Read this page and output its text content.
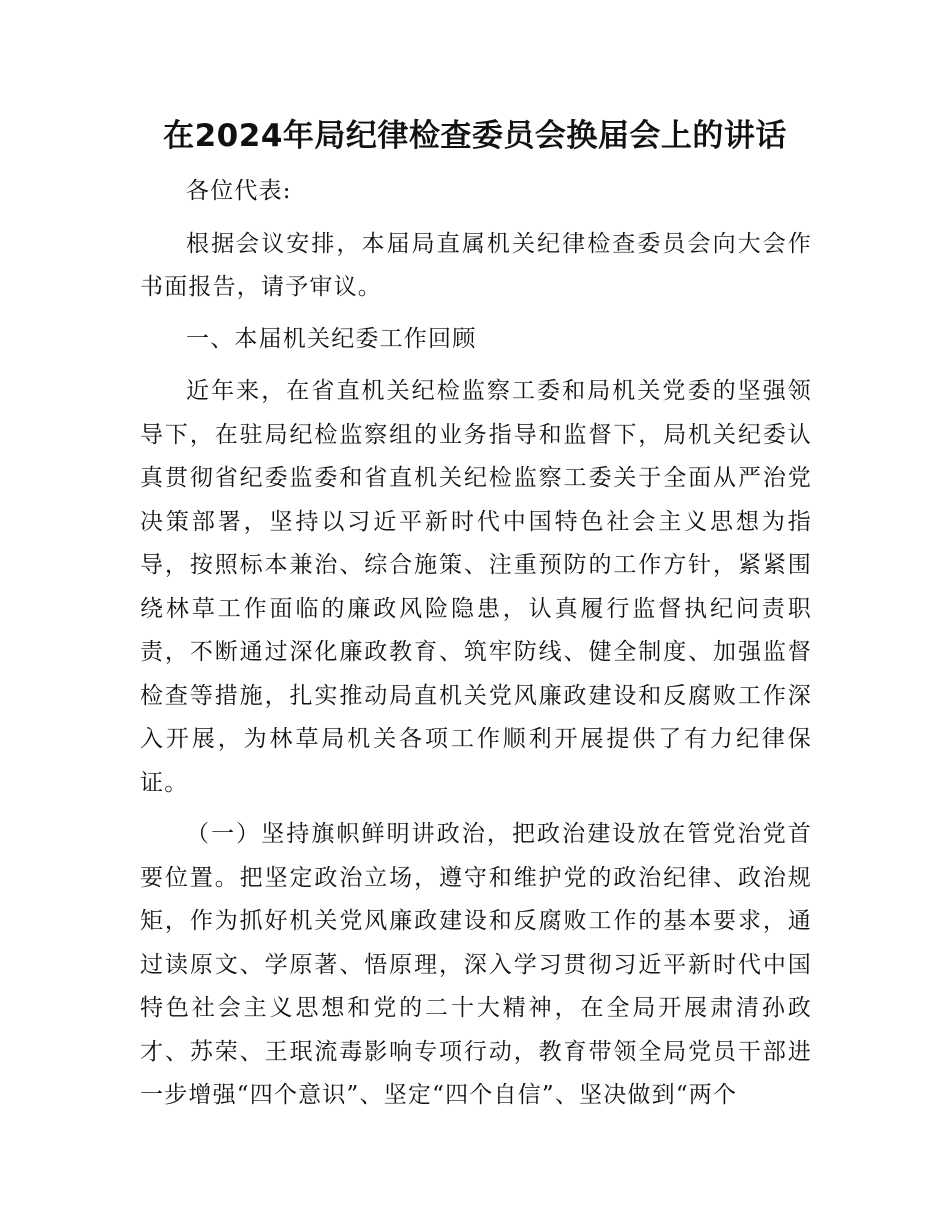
在2024年局纪律检查委员会换届会上的讲话

各位代表:

根据会议安排，本届局直属机关纪律检查委员会向大会作书面报告，请予审议。

一、本届机关纪委工作回顾

近年来，在省直机关纪检监察工委和局机关党委的坚强领导下，在驻局纪检监察组的业务指导和监督下，局机关纪委认真贯彻省纪委监委和省直机关纪检监察工委关于全面从严治党决策部署，坚持以习近平新时代中国特色社会主义思想为指导，按照标本兼治、综合施策、注重预防的工作方针，紧紧围绕林草工作面临的廉政风险隐患，认真履行监督执纪问责职责，不断通过深化廉政教育、筑牢防线、健全制度、加强监督检查等措施，扎实推动局直机关党风廉政建设和反腐败工作深入开展，为林草局机关各项工作顺利开展提供了有力纪律保证。

（一）坚持旗帜鲜明讲政治，把政治建设放在管党治党首要位置。把坚定政治立场，遵守和维护党的政治纪律、政治规矩，作为抓好机关党风廉政建设和反腐败工作的基本要求，通过读原文、学原著、悟原理，深入学习贯彻习近平新时代中国特色社会主义思想和党的二十大精神，在全局开展肃清孙政才、苏荣、王珉流毒影响专项行动，教育带领全局党员干部进一步增强“四个意识”、坚定“四个自信”、坚决做到“两个
